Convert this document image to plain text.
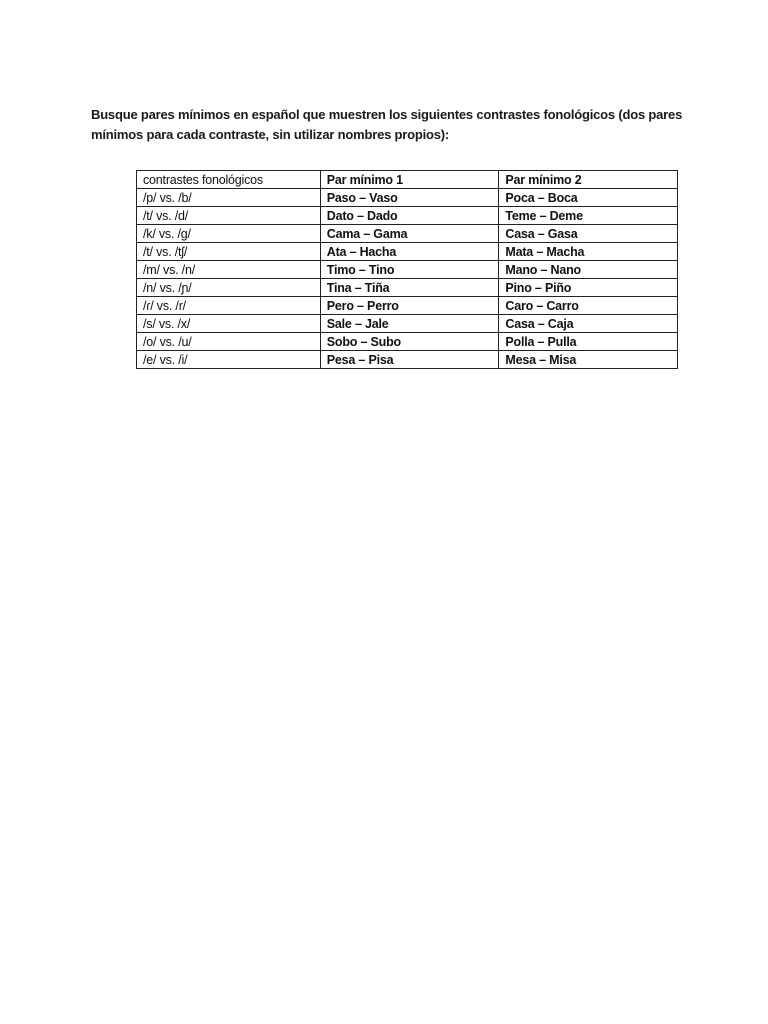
Busque pares mínimos en español que muestren los siguientes contrastes fonológicos (dos pares mínimos para cada contraste, sin utilizar nombres propios):

contrastes fonológicos	Par mínimo 1	Par mínimo 2
/p/ vs. /b/	Paso – Vaso	Poca – Boca
/t/ vs. /d/	Dato – Dado	Teme – Deme
/k/ vs. /g/	Cama – Gama	Casa – Gasa
/t/ vs. /tʃ/	Ata – Hacha	Mata – Macha
/m/ vs. /n/	Timo – Tino	Mano – Nano
/n/ vs. /ɲ/	Tina – Tiña	Pino – Piño
/ɾ/ vs. /r/	Pero – Perro	Caro – Carro
/s/ vs. /x/	Sale – Jale	Casa – Caja
/o/ vs. /u/	Sobo – Subo	Polla – Pulla
/e/ vs. /i/	Pesa – Pisa	Mesa – Misa
